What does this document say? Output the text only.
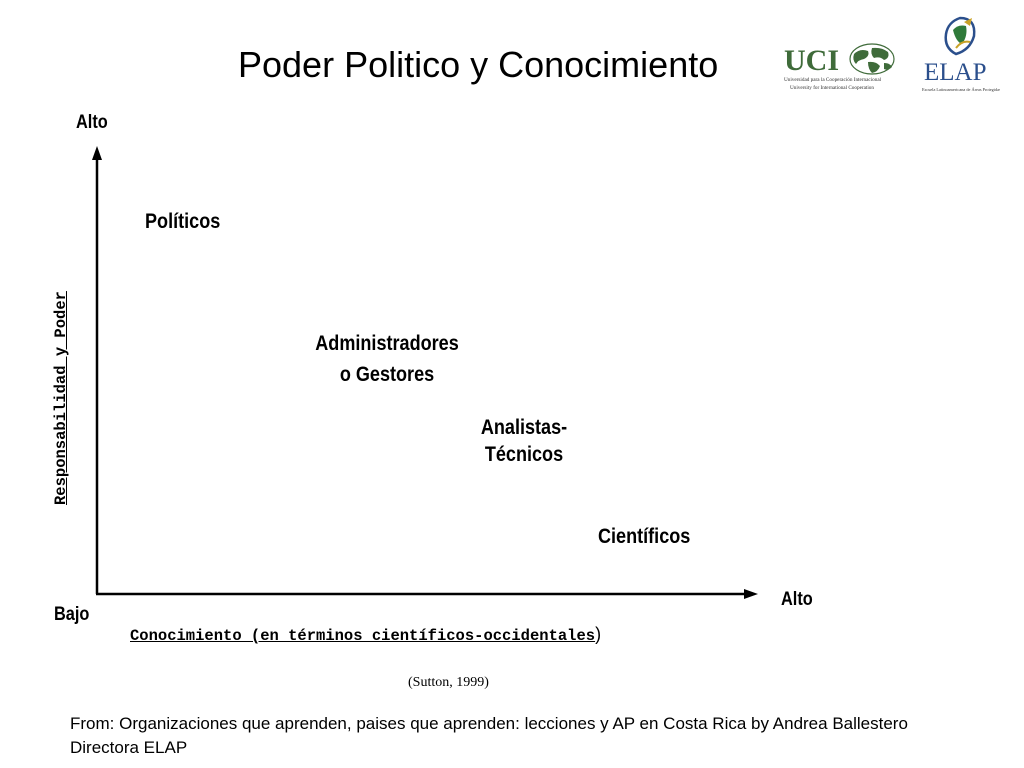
Poder Politico y Conocimiento UCI
Universidad para la Cooperación Internacional
University for International Cooperation
ELAP
Escuela Latinoamericana de Áreas Protegidas
Alto
Alto
Bajo
Responsabilidad y Poder
Conocimiento (en términos científicos-occidentales)
Políticos
Administradores
o Gestores
Analistas-
Técnicos
Científicos
(Sutton, 1999)
From: Organizaciones que aprenden, paises que aprenden: lecciones y AP en Costa Rica by Andrea Ballestero Directora ELAP
